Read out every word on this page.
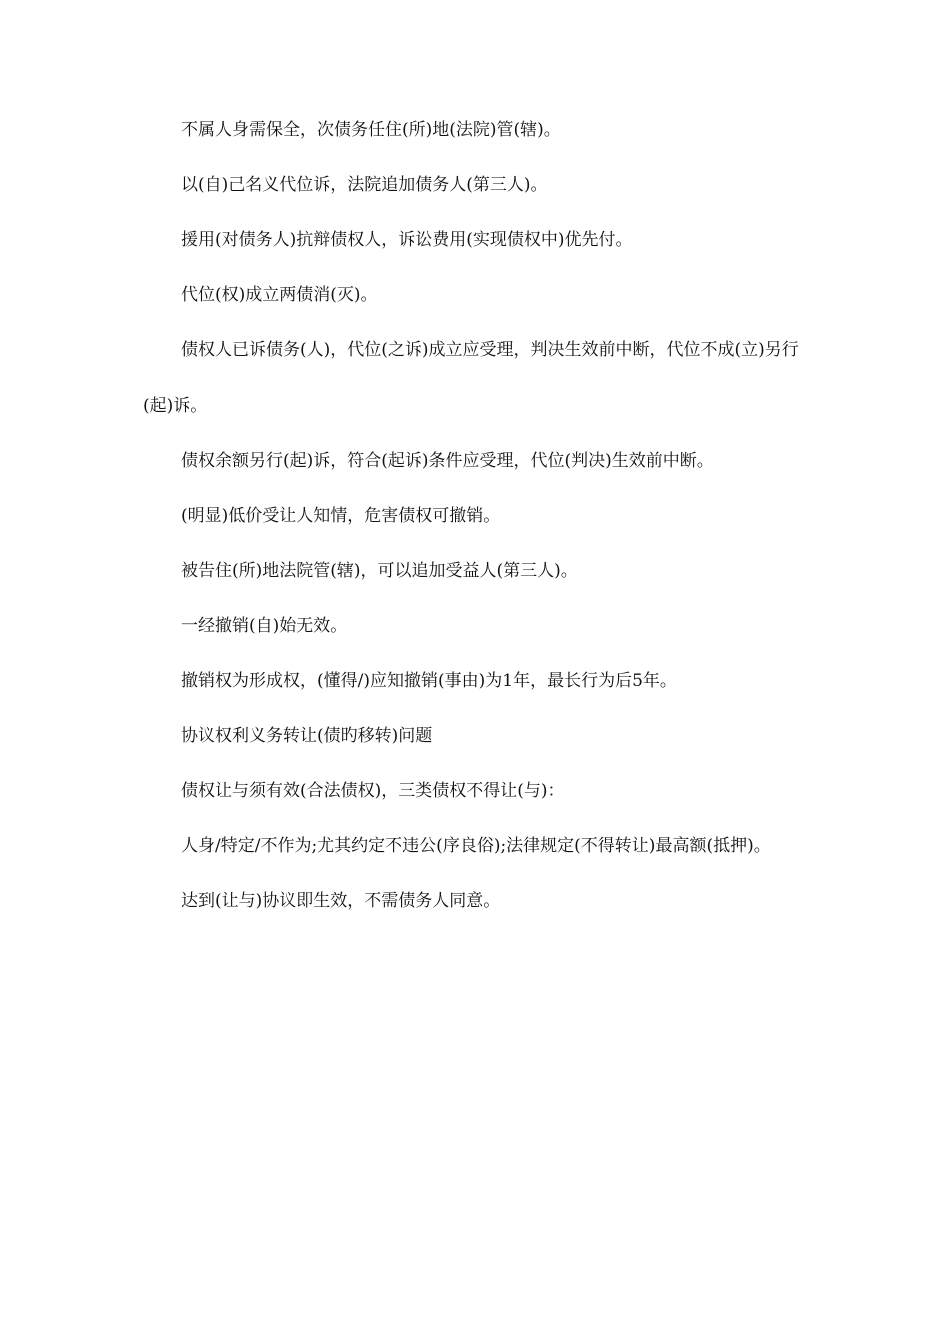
不属人身需保全，次债务任住(所)地(法院)管(辖)。

以(自)己名义代位诉，法院追加债务人(第三人)。

援用(对债务人)抗辩债权人，诉讼费用(实现债权中)优先付。

代位(权)成立两债消(灭)。

债权人已诉债务(人)，代位(之诉)成立应受理，判决生效前中断，代位不成(立)另行(起)诉。

债权余额另行(起)诉，符合(起诉)条件应受理，代位(判决)生效前中断。

(明显)低价受让人知情，危害债权可撤销。

被告住(所)地法院管(辖)，可以追加受益人(第三人)。

一经撤销(自)始无效。

撤销权为形成权，(懂得/)应知撤销(事由)为1年，最长行为后5年。

协议权利义务转让(债旳移转)问题

债权让与须有效(合法债权)，三类债权不得让(与)：

人身/特定/不作为;尤其约定不违公(序良俗);法律规定(不得转让)最高额(抵押)。

达到(让与)协议即生效，不需债务人同意。
